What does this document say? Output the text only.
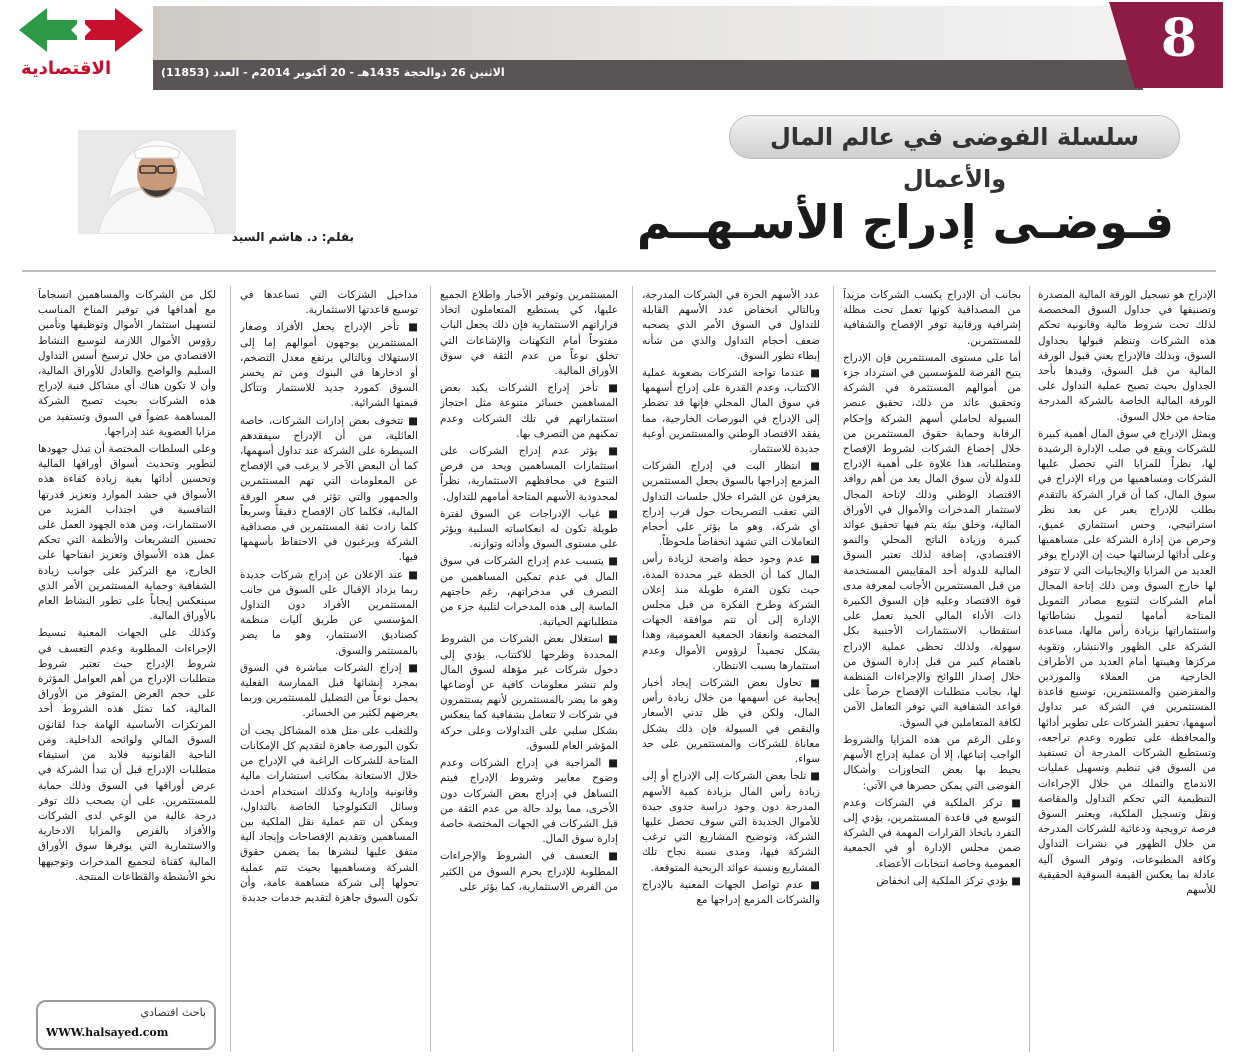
الاقتصادية	الاثنين 26 ذوالحجة 1435هـ - 20 أكتوبر 2014م - العدد (11853)
8
سلسلة الفوضى في عالم المال والأعمال
بقلم: د. هاشم السيد	فـوضـى إدراج الأسـهــم

الإدراج هو تسجيل الورقة المالية المصدرة وتصنيفها في جداول السوق المخصصة لذلك تحت شروط مالية وقانونية تحكم هذه الشركات وتنظم قبولها بجداول السوق، وبذلك فالإدراج يعني قبول الورقة المالية من قبل السوق، وقيدها بأحد الجداول بحيث تصبح عملية التداول على الورقة المالية الخاصة بالشركة المدرجة متاحة من خلال السوق.

ويمثل الإدراج في سوق المال أهمية كبيرة للشركات ويقع في صلب الإدارة الرشيدة لها، نظراً للمزايا التي تحصل عليها الشركات ومساهميها من وراء الإدراج في سوق المال، كما أن قرار الشركة بالتقدم بطلب للإدراج يعبر عن بعد نظر استراتيجي، وحس استثماري عميق، وحرص من إدارة الشركة على مساهميها وعلى أدائها لرسالتها حيث إن الإدراج يوفر العديد من المزايا والإيجابيات التي لا تتوفر لها خارج السوق ومن ذلك إتاحة المجال أمام الشركات لتنويع مصادر التمويل المتاحة أمامها لتمويل نشاطاتها واستثماراتها بزيادة رأس مالها، مساعدة الشركة على الظهور والانتشار، وتقوية مركزها وهيبتها أمام العديد من الأطراف الخارجية من العملاء والموردين والمقرضين والمستثمرين، توسيع قاعدة المستثمرين في الشركة عبر تداول أسهمها، تحفيز الشركات على تطوير أدائها والمحافظة على تطوره وعدم تراجعه، وتستطيع الشركات المدرجة أن تستفيد من السوق في تنظيم وتسهيل عمليات الاندماج والتملك من خلال الإجراءات التنظيمية التي تحكم التداول والمقاصة ونقل وتسجيل الملكية، ويعتبر السوق فرصة ترويجية ودعائية للشركات المدرجة من خلال الظهور في نشرات التداول وكافة المطبوعات، وتوفر السوق آلية عادلة بما يعكس القيمة السوقية الحقيقية للأسهم

بجانب أن الإدراج يكسب الشركات مزيداً من المصداقية كونها تعمل تحت مظلة إشرافية ورقابية توفر الإفصاح والشفافية للمستثمرين.

أما على مستوى المستثمرين فإن الإدراج يتيح الفرصة للمؤسسين في استرداد جزء من أموالهم المستثمرة في الشركة وتحقيق عائد من ذلك، تحقيق عنصر السيولة لحاملي أسهم الشركة وإحكام الرقابة وحماية حقوق المستثمرين من خلال إخضاع الشركات لشروط الإفصاح ومتطلباته، هذا علاوة على أهمية الإدراج للدولة لأن سوق المال يعد من أهم روافد الاقتصاد الوطني وذلك لإتاحة المجال لاستثمار المدخرات والأموال في الأوراق المالية، وخلق بيئة يتم فيها تحقيق عوائد كبيرة وزيادة الناتج المحلي والنمو الاقتصادي، إضافة لذلك تعتبر السوق المالية للدولة أحد المقاييس المستخدمة من قبل المستثمرين الأجانب لمعرفة مدى قوة الاقتصاد وعليه فإن السوق الكبيرة ذات الأداء المالي الجيد تعمل على استقطاب الاستثمارات الأجنبية بكل سهولة، ولذلك تحظى عملية الإدراج باهتمام كبير من قبل إدارة السوق من خلال إصدار اللوائح والإجراءات المنظمة لها، بجانب متطلبات الإفصاح حرصاً على قواعد الشفافية التي توفر التعامل الآمن لكافة المتعاملين في السوق.

وعلى الرغم من هذه المزايا والشروط الواجب إتباعها، إلا أن عملية إدراج الأسهم يحيط بها بعض التجاوزات وأشكال الفوضى التي يمكن حصرها في الآتي:

■ تركز الملكية في الشركات وعدم التوسع في قاعدة المستثمرين، يؤدي إلى التفرد باتخاذ القرارات المهمة في الشركة ضمن مجلس الإدارة أو في الجمعية العمومية وخاصة انتخابات الأعضاء.

■ يؤدي تركز الملكية إلى انخفاض

عدد الأسهم الحرة في الشركات المدرجة، وبالتالي انخفاض عدد الأسهم القابلة للتداول في السوق الأمر الذي يصحبه ضعف أحجام التداول والذي من شأنه إبطاء تطور السوق.

■ عندما تواجه الشركات بصعوبة عملية الاكتتاب، وعدم القدرة على إدراج أسهمها في سوق المال المحلي فإنها قد تضطر إلى الإدراج في البورصات الخارجية، مما يفقد الاقتصاد الوطني والمستثمرين أوعية جديدة للاستثمار.

■ انتظار البت في إدراج الشركات المزمع إدراجها بالسوق يجعل المستثمرين يعزفون عن الشراء خلال جلسات التداول التي تعقب التصريحات حول قرب إدراج أي شركة، وهو ما يؤثر على أحجام التعاملات التي تشهد انخفاضاً ملحوظاً.

■ عدم وجود خطة واضحة لزيادة رأس المال كما أن الخطة غير محددة المدة، حيث تكون الفترة طويلة منذ إعلان الشركة وطرح الفكرة من قبل مجلس الإدارة إلى أن تتم موافقة الجهات المختصة وانعقاد الجمعية العمومية، وهذا يشكل تجميداً لرؤوس الأموال وعدم استثمارها بسبب الانتظار.

■ تحاول بعض الشركات إيجاد أخبار إيجابية عن أسهمها من خلال زيادة رأس المال، ولكن في ظل تدني الأسعار والنقص في السيولة فإن ذلك يشكل معاناة للشركات والمستثمرين على حد سواء.

■ تلجأ بعض الشركات إلى الإدراج أو إلى زيادة رأس المال بزيادة كمية الأسهم المدرجة دون وجود دراسة جدوى جيدة للأموال الجديدة التي سوف تحصل عليها الشركة، وتوضيح المشاريع التي ترغب الشركة فيها، ومدى نسبة نجاح تلك المشاريع ونسبة عوائد الربحية المتوقعة.

■ عدم تواصل الجهات المعنية بالإدراج والشركات المزمع إدراجها مع

المستثمرين وتوفير الأخبار واطلاع الجميع عليها، كي يستطيع المتعاملون اتخاذ قراراتهم الاستثمارية فإن ذلك يجعل الباب مفتوحاً أمام التكهنات والإشاعات التي تخلق نوعاً من عدم الثقة في سوق الأوراق المالية.

■ تأخر إدراج الشركات يكبد بعض المساهمين خسائر متنوعة مثل احتجاز استثماراتهم في تلك الشركات وعدم تمكنهم من التصرف بها.

■ يؤثر عدم إدراج الشركات على استثمارات المساهمين ويحد من فرص التنوع في محافظهم الاستثمارية، نظراً لمحدودية الأسهم المتاحة أمامهم للتداول.

■ غياب الإدراجات عن السوق لفترة طويلة تكون له انعكاساته السلبية ويؤثر على مستوى السوق وأدائه وتوازنه.

■ يتسبب عدم إدراج الشركات في سوق المال في عدم تمكين المساهمين من التصرف في مدخراتهم، رغم حاجتهم الماسة إلى هذه المدخرات لتلبية جزء من متطلباتهم الحياتية.

■ استغلال بعض الشركات من الشروط المحددة وطرحها للاكتتاب، يؤدي إلى دخول شركات غير مؤهلة لسوق المال ولم تنشر معلومات كافية عن أوضاعها وهو ما يضر بالمستثمرين لأنهم يستثمرون في شركات لا تتعامل بشفافية كما ينعكس بشكل سلبي على التداولات وعلى حركة المؤشر العام للسوق.

■ المزاجية في إدراج الشركات وعدم وضوح معايير وشروط الإدراج فيتم التساهل في إدراج بعض الشركات دون الأخرى، مما يولد حالة من عدم الثقة من قبل الشركات في الجهات المختصة خاصة إدارة سوق المال.

■ التعسف في الشروط والإجراءات المطلوبة للإدراج يحرم السوق من الكثير من الفرص الاستثمارية، كما يؤثر على

مداخيل الشركات التي تساعدها في توسيع قاعدتها الاستثمارية.

■ تأخر الإدراج يجعل الأفراد وصغار المستثمرين يوجهون أموالهم إما إلى الاستهلاك وبالتالي يرتفع معدل التضخم، أو ادخارها في البنوك ومن ثم يخسر السوق كمورد جديد للاستثمار وتتآكل قيمتها الشرائية.

■ تتخوف بعض إدارات الشركات، خاصة العائلية، من أن الإدراج سيفقدهم السيطرة على الشركة عند تداول أسهمها، كما أن البعض الآخر لا يرغب في الإفصاح عن المعلومات التي تهم المستثمرين والجمهور والتي تؤثر في سعر الورقة المالية، فكلما كان الإفصاح دقيقاً وسريعاً كلما زادت ثقة المستثمرين في مصداقية الشركة ويرغبون في الاحتفاظ بأسهمها فيها.

■ عند الإعلان عن إدراج شركات جديدة ربما يزداد الإقبال على السوق من جانب المستثمرين الأفراد دون التداول المؤسسي عن طريق آليات منظمة كصناديق الاستثمار، وهو ما يضر بالمستثمر والسوق.

■ إدراج الشركات مباشرة في السوق بمجرد إنشائها قبل الممارسة الفعلية يحمل نوعاً من التضليل للمستثمرين وربما يعرضهم لكثير من الخسائر.

وللتغلب على مثل هذه المشاكل يجب أن تكون البورصة جاهزة لتقديم كل الإمكانات المتاحة للشركات الراغبة في الإدراج من خلال الاستعانة بمكاتب استشارات مالية وقانونية وإدارية وكذلك استخدام أحدث وسائل التكنولوجيا الخاصة بالتداول، ويمكن أن تتم عملية نقل الملكية بين المساهمين وتقديم الإفصاحات وإيجاد آلية متفق عليها لنشرها بما يضمن حقوق الشركة ومساهميها بحيث تتم عملية تحولها إلى شركة مساهمة عامة، وأن تكون السوق جاهزة لتقديم خدمات جديدة

لكل من الشركات والمساهمين انسجاماً مع أهدافها في توفير المناخ المناسب لتسهيل استثمار الأموال وتوظيفها وتأمين رؤوس الأموال اللازمة لتوسيع النشاط الاقتصادي من خلال ترسيخ أسس التداول السليم والواضح والعادل للأوراق المالية، وأن لا تكون هناك أي مشاكل فنية لإدراج هذه الشركات بحيث تصبح الشركة المساهمة عضواً في السوق وتستفيد من مزايا العضوية عند إدراجها.

وعلى السلطات المختصة أن تبذل جهودها لتطوير وتحديث أسواق أوراقها المالية وتحسين أدائها بغية زيادة كفاءة هذه الأسواق في حشد الموارد وتعزيز قدرتها التنافسية في اجتذاب المزيد من الاستثمارات، ومن هذه الجهود العمل على تحسين التشريعات والأنظمة التي تحكم عمل هذه الأسواق وتعزيز انفتاحها على الخارج، مع التركيز على جوانب زيادة الشفافية وحماية المستثمرين الأمر الذي سينعكس إيجاباً على تطور النشاط العام بالأوراق المالية.

وكذلك على الجهات المعنية تبسيط الإجراءات المطلوبة وعدم التعسف في شروط الإدراج حيث تعتبر شروط متطلبات الإدراج من أهم العوامل المؤثرة على حجم العرض المتوفر من الأوراق المالية، كما تمثل هذه الشروط أحد المرتكزات الأساسية الهامة جدا لقانون السوق المالي ولوائحه الداخلية. ومن الناحية القانونية فلابد من استيفاء متطلبات الإدراج قبل أن تبدأ الشركة في عرض أوراقها في السوق وذلك حماية للمستثمرين. على أن يصحب ذلك توفر درجة عالية من الوعي لدى الشركات والأفراد بالفرص والمزايا الادخارية والاستثمارية التي يوفرها سوق الأوراق المالية كقناة لتجميع المدخرات وتوجيهها نحو الأنشطة والقطاعات المنتجة.

باحث اقتصادي
WWW.halsayed.com
